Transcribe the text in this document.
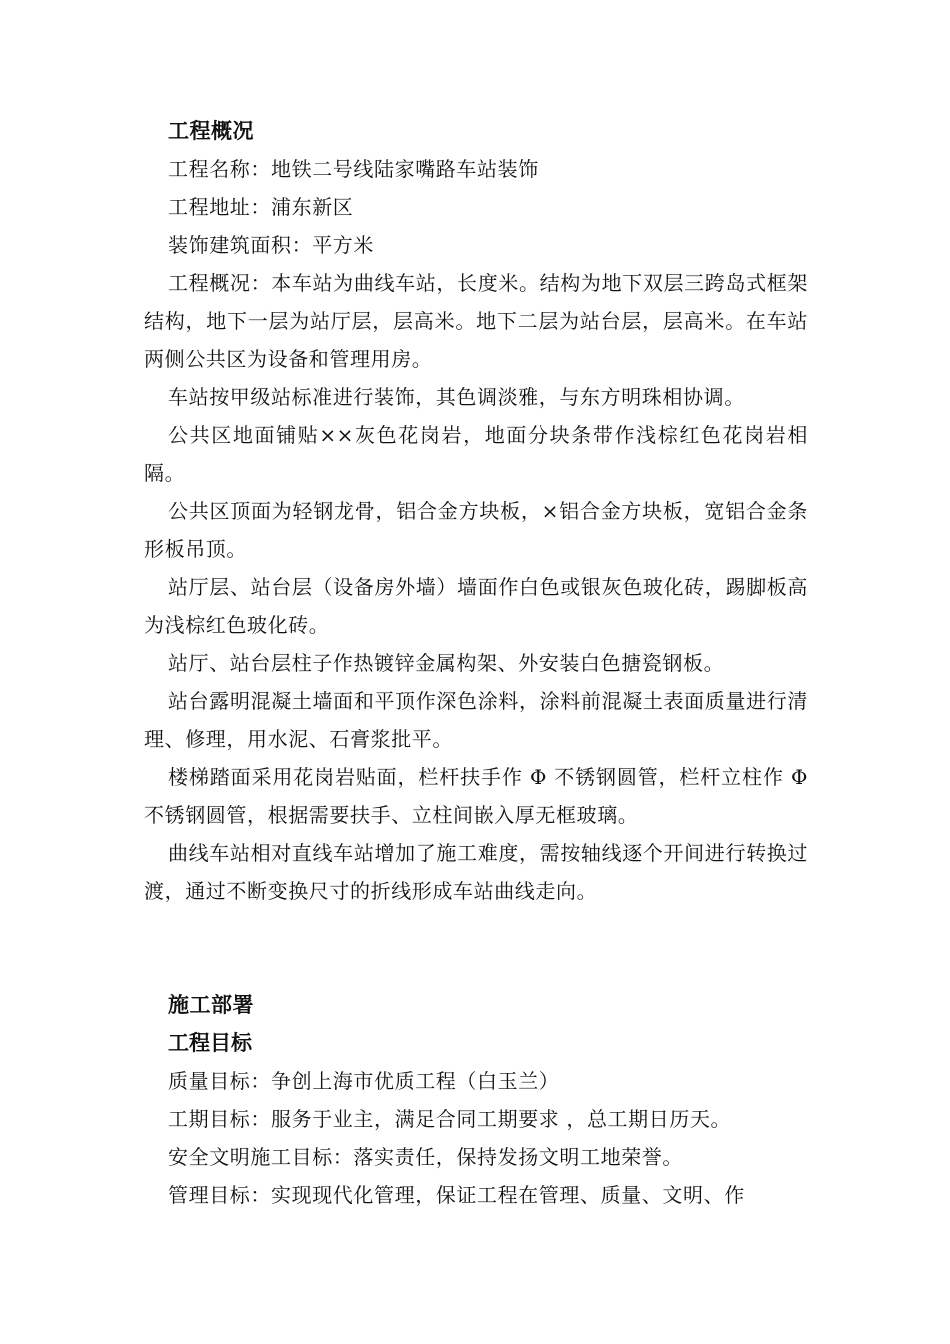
工程概况

工程名称：地铁二号线陆家嘴路车站装饰

工程地址：浦东新区

装饰建筑面积：平方米

工程概况：本车站为曲线车站，长度米。结构为地下双层三跨岛式框架结构，地下一层为站厅层，层高米。地下二层为站台层，层高米。在车站两侧公共区为设备和管理用房。

车站按甲级站标准进行装饰，其色调淡雅，与东方明珠相协调。

公共区地面铺贴××灰色花岗岩，地面分块条带作浅棕红色花岗岩相隔。

公共区顶面为轻钢龙骨，铝合金方块板，×铝合金方块板，宽铝合金条形板吊顶。

站厅层、站台层（设备房外墙）墙面作白色或银灰色玻化砖，踢脚板高为浅棕红色玻化砖。

站厅、站台层柱子作热镀锌金属构架、外安装白色搪瓷钢板。

站台露明混凝土墙面和平顶作深色涂料，涂料前混凝土表面质量进行清理、修理，用水泥、石膏浆批平。

楼梯踏面采用花岗岩贴面，栏杆扶手作 Φ 不锈钢圆管，栏杆立柱作 Φ 不锈钢圆管，根据需要扶手、立柱间嵌入厚无框玻璃。

曲线车站相对直线车站增加了施工难度，需按轴线逐个开间进行转换过渡，通过不断变换尺寸的折线形成车站曲线走向。

施工部署
工程目标

质量目标：争创上海市优质工程（白玉兰）

工期目标：服务于业主，满足合同工期要求 ，总工期日历天。

安全文明施工目标：落实责任，保持发扬文明工地荣誉。

管理目标：实现现代化管理，保证工程在管理、质量、文明、作
